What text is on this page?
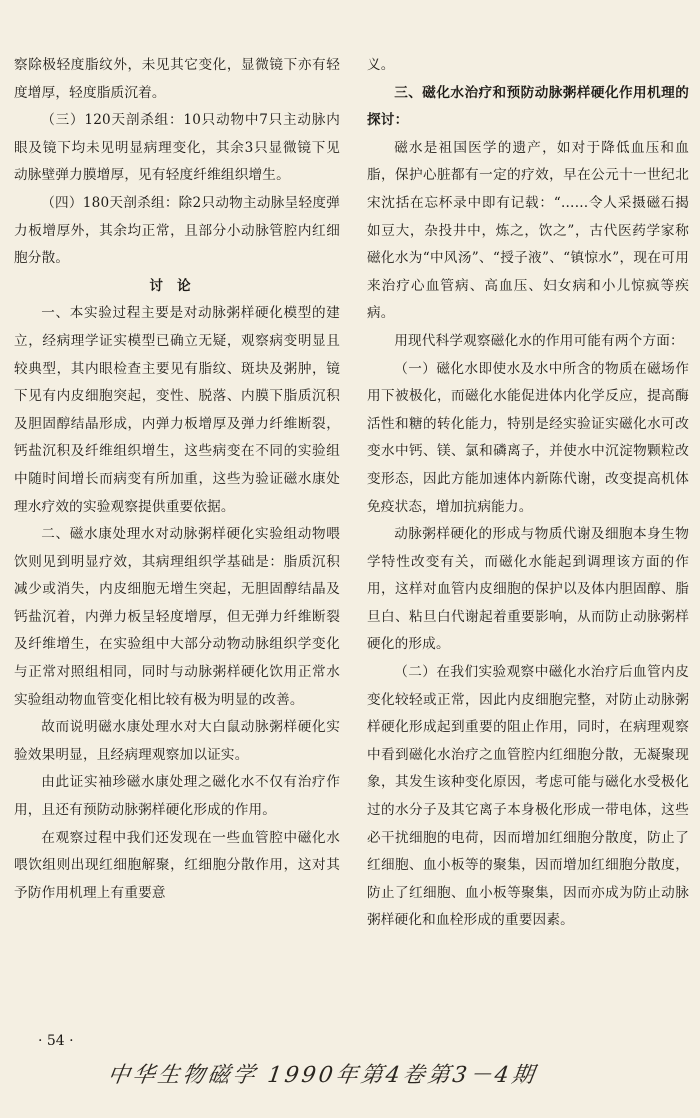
察除极轻度脂纹外，未见其它变化，显微镜下亦有轻度增厚，轻度脂质沉着。

（三）120天剖杀组：10只动物中7只主动脉内眼及镜下均未见明显病理变化，其余3只显微镜下见动脉壁弹力膜增厚，见有轻度纤维组织增生。

（四）180天剖杀组：除2只动物主动脉呈轻度弹力板增厚外，其余均正常，且部分小动脉管腔内红细胞分散。

讨论

一、本实验过程主要是对动脉粥样硬化模型的建立，经病理学证实模型已确立无疑，观察病变明显且较典型，其内眼检查主要见有脂纹、斑块及粥肿，镜下见有内皮细胞突起，变性、脱落、内膜下脂质沉积及胆固醇结晶形成，内弹力板增厚及弹力纤维断裂，钙盐沉积及纤维组织增生，这些病变在不同的实验组中随时间增长而病变有所加重，这些为验证磁水康处理水疗效的实验观察提供重要依据。

二、磁水康处理水对动脉粥样硬化实验组动物喂饮则见到明显疗效，其病理组织学基础是：脂质沉积减少或消失，内皮细胞无增生突起，无胆固醇结晶及钙盐沉着，内弹力板呈轻度增厚，但无弹力纤维断裂及纤维增生，在实验组中大部分动物动脉组织学变化与正常对照组相同，同时与动脉粥样硬化饮用正常水实验组动物血管变化相比较有极为明显的改善。

故而说明磁水康处理水对大白鼠动脉粥样硬化实验效果明显，且经病理观察加以证实。

由此证实袖珍磁水康处理之磁化水不仅有治疗作用，且还有预防动脉粥样硬化形成的作用。

在观察过程中我们还发现在一些血管腔中磁化水喂饮组则出现红细胞解聚，红细胞分散作用，这对其予防作用机理上有重要意

义。

三、磁化水治疗和预防动脉粥样硬化作用机理的探讨：

磁水是祖国医学的遗产，如对于降低血压和血脂，保护心脏都有一定的疗效，早在公元十一世纪北宋沈括在忘杯录中即有记载：“……令人采摄磁石揭如豆大，杂投井中，炼之，饮之”，古代医药学家称磁化水为“中风汤”、“授子液”、“镇惊水”，现在可用来治疗心血管病、高血压、妇女病和小儿惊疯等疾病。

用现代科学观察磁化水的作用可能有两个方面：

（一）磁化水即使水及水中所含的物质在磁场作用下被极化，而磁化水能促进体内化学反应，提高酶活性和糖的转化能力，特别是经实验证实磁化水可改变水中钙、镁、氯和磷离子，并使水中沉淀物颗粒改变形态，因此方能加速体内新陈代谢，改变提高机体免疫状态，增加抗病能力。

动脉粥样硬化的形成与物质代谢及细胞本身生物学特性改变有关，而磁化水能起到调理该方面的作用，这样对血管内皮细胞的保护以及体内胆固醇、脂旦白、粘旦白代谢起着重要影响，从而防止动脉粥样硬化的形成。

（二）在我们实验观察中磁化水治疗后血管内皮变化较轻或正常，因此内皮细胞完整，对防止动脉粥样硬化形成起到重要的阻止作用，同时，在病理观察中看到磁化水治疗之血管腔内红细胞分散，无凝聚现象，其发生该种变化原因，考虑可能与磁化水受极化过的水分子及其它离子本身极化形成一带电体，这些必干扰细胞的电荷，因而增加红细胞分散度，防止了红细胞、血小板等的聚集，因而增加红细胞分散度，防止了红细胞、血小板等聚集，因而亦成为防止动脉粥样硬化和血栓形成的重要因素。

· 54 ·
中华生物磁学 1990年第4卷第3－4期
